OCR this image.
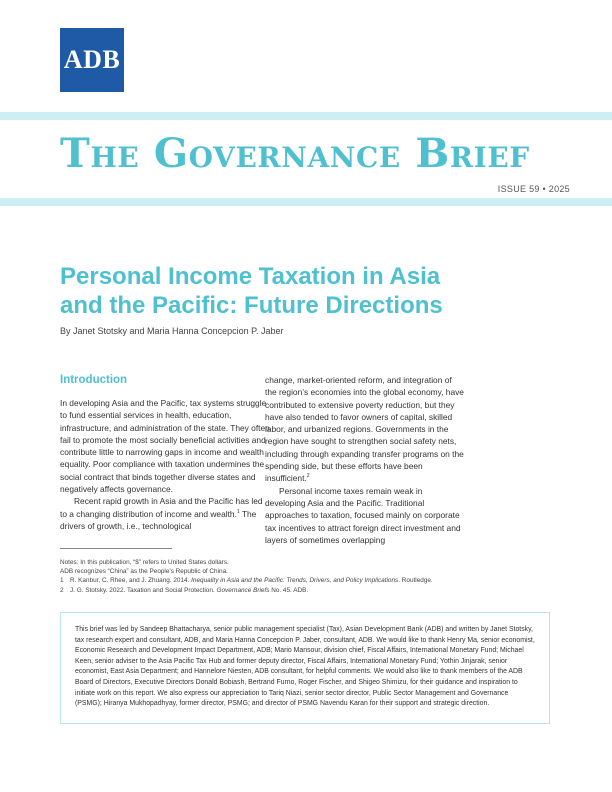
ADB
The Governance Brief
ISSUE 59 • 2025
Personal Income Taxation in Asia
and the Pacific: Future Directions
By Janet Stotsky and Maria Hanna Concepcion P. Jaber
Introduction

In developing Asia and the Pacific, tax systems struggle to fund essential services in health, education, infrastructure, and administration of the state. They often fail to promote the most socially beneficial activities and contribute little to narrowing gaps in income and wealth equality. Poor compliance with taxation undermines the social contract that binds together diverse states and negatively affects governance.

Recent rapid growth in Asia and the Pacific has led to a changing distribution of income and wealth.$^1$ The drivers of growth, i.e., technological

change, market-oriented reform, and integration of the region’s economies into the global economy, have contributed to extensive poverty reduction, but they have also tended to favor owners of capital, skilled labor, and urbanized regions. Governments in the region have sought to strengthen social safety nets, including through expanding transfer programs on the spending side, but these efforts have been insufficient.$^2$

Personal income taxes remain weak in developing Asia and the Pacific. Traditional approaches to taxation, focused mainly on corporate tax incentives to attract foreign direct investment and layers of sometimes overlapping

Notes: In this publication, “$” refers to United States dollars.
ADB recognizes “China” as the People’s Republic of China.
1 R. Kanbur, C. Rhee, and J. Zhuang. 2014. Inequality in Asia and the Pacific: Trends, Drivers, and Policy Implications. Routledge.
2 J. G. Stotsky. 2022. Taxation and Social Protection. Governance Briefs No. 45. ADB.
This brief was led by Sandeep Bhattacharya, senior public management specialist (Tax), Asian Development Bank (ADB) and written by Janet Stotsky, tax research expert and consultant, ADB, and Maria Hanna Concepcion P. Jaber, consultant, ADB. We would like to thank Henry Ma, senior economist, Economic Research and Development Impact Department, ADB; Mario Mansour, division chief, Fiscal Affairs, International Monetary Fund; Michael Keen, senior adviser to the Asia Pacific Tax Hub and former deputy director, Fiscal Affairs, International Monetary Fund; Yothin Jinjarak, senior economist, East Asia Department; and Hannelore Niesten, ADB consultant, for helpful comments. We would also like to thank members of the ADB Board of Directors, Executive Directors Donald Bobiash, Bertrand Furno, Roger Fischer, and Shigeo Shimizu, for their guidance and inspiration to initiate work on this report. We also express our appreciation to Tariq Niazi, senior sector director, Public Sector Management and Governance (PSMG); Hiranya Mukhopadhyay, former director, PSMG; and director of PSMG Navendu Karan for their support and strategic direction.
